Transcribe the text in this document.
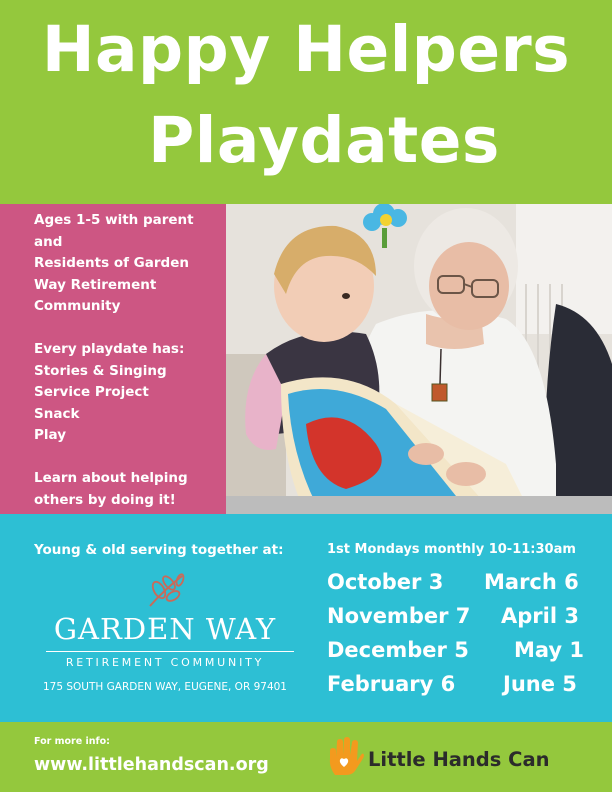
Happy Helpers
Playdates
Ages 1-5 with parent
and
Residents of Garden
Way Retirement
Community
Every playdate has:
Stories & Singing
Service Project
Snack
Play
Learn about helping
others by doing it!
Young & old serving together at:
GARDEN WAY
RETIREMENT COMMUNITY
175 SOUTH GARDEN WAY, EUGENE, OR 97401
1st Mondays monthly 10-11:30am
October 3
November 7
December 5
February 6
March 6
April 3
May 1
June 5
For more info:
www.littlehandscan.org	Little Hands Can
